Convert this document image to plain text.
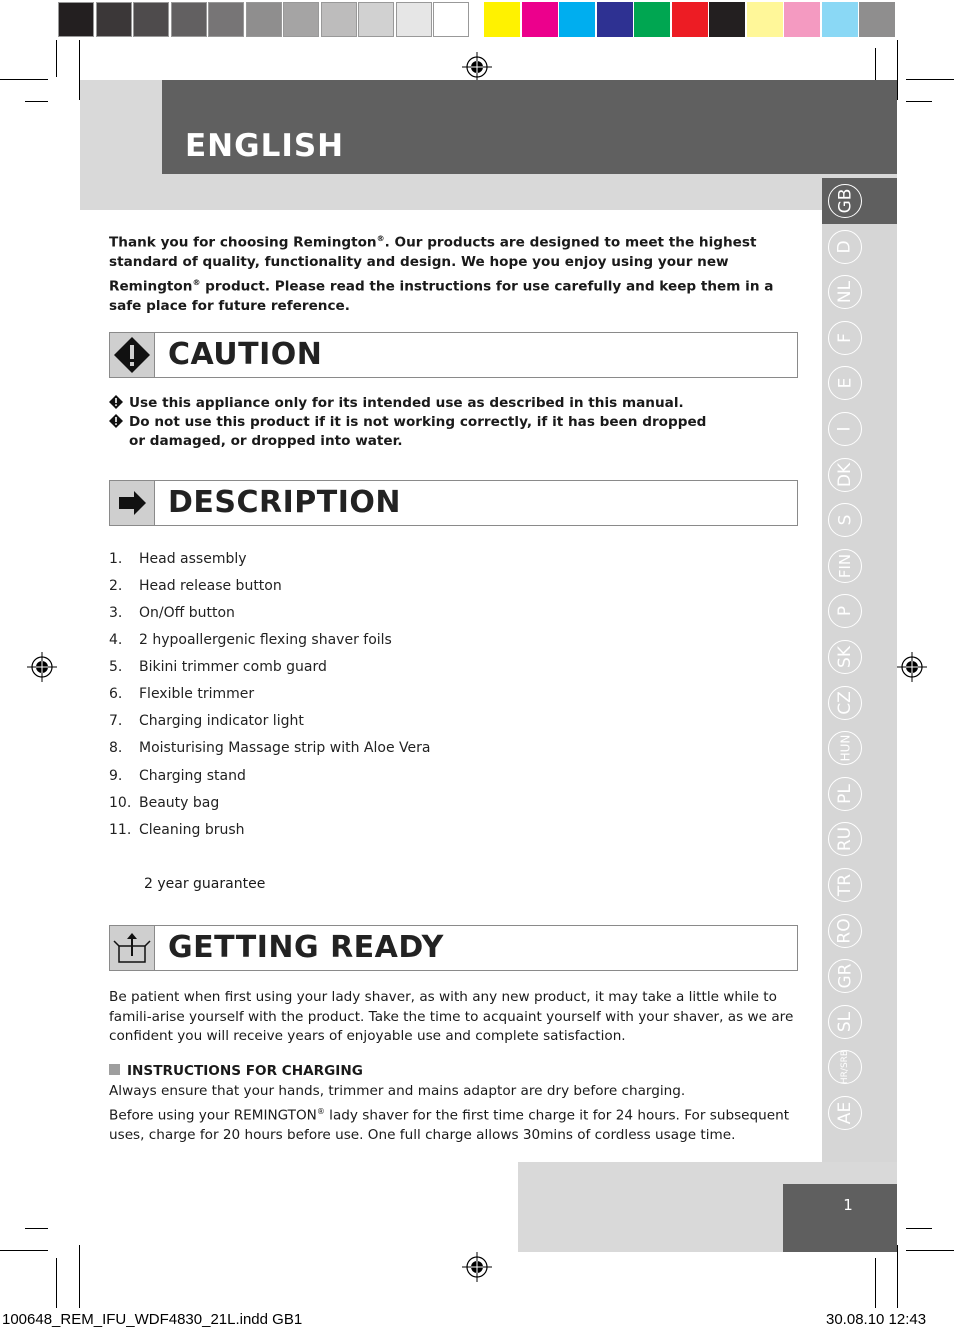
ENGLISH
Thank you for choosing Remington®. Our products are designed to meet the highest standard of quality, functionality and design. We hope you enjoy using your new Remington® product. Please read the instructions for use carefully and keep them in a safe place for future reference.
CAUTION
Use this appliance only for its intended use as described in this manual.
Do not use this product if it is not working correctly, if it has been dropped
or damaged, or dropped into water.
DESCRIPTION
1. Head assembly
2. Head release button
3. On/Off button
4. 2 hypoallergenic flexing shaver foils
5. Bikini trimmer comb guard
6. Flexible trimmer
7. Charging indicator light
8. Moisturising Massage strip with Aloe Vera
9. Charging stand
10. Beauty bag
11. Cleaning brush
2 year guarantee
GETTING READY
Be patient when first using your lady shaver, as with any new product, it may take a little while to famili-arise yourself with the product. Take the time to acquaint yourself with your shaver, as we are confident you will receive years of enjoyable use and complete satisfaction.
INSTRUCTIONS FOR CHARGING
Always ensure that your hands, trimmer and mains adaptor are dry before charging.
Before using your REMINGTON® lady shaver for the first time charge it for 24 hours. For subsequent uses, charge for 20 hours before use. One full charge allows 30mins of cordless usage time.
GB
D
NL
F
E
I
DK
S
FIN
P
SK
CZ
HUN
PL
RU
TR
RO
GR
SL
HR/SRB
AE
1
100648_REM_IFU_WDF4830_21L.indd GB1	30.08.10 12:43
